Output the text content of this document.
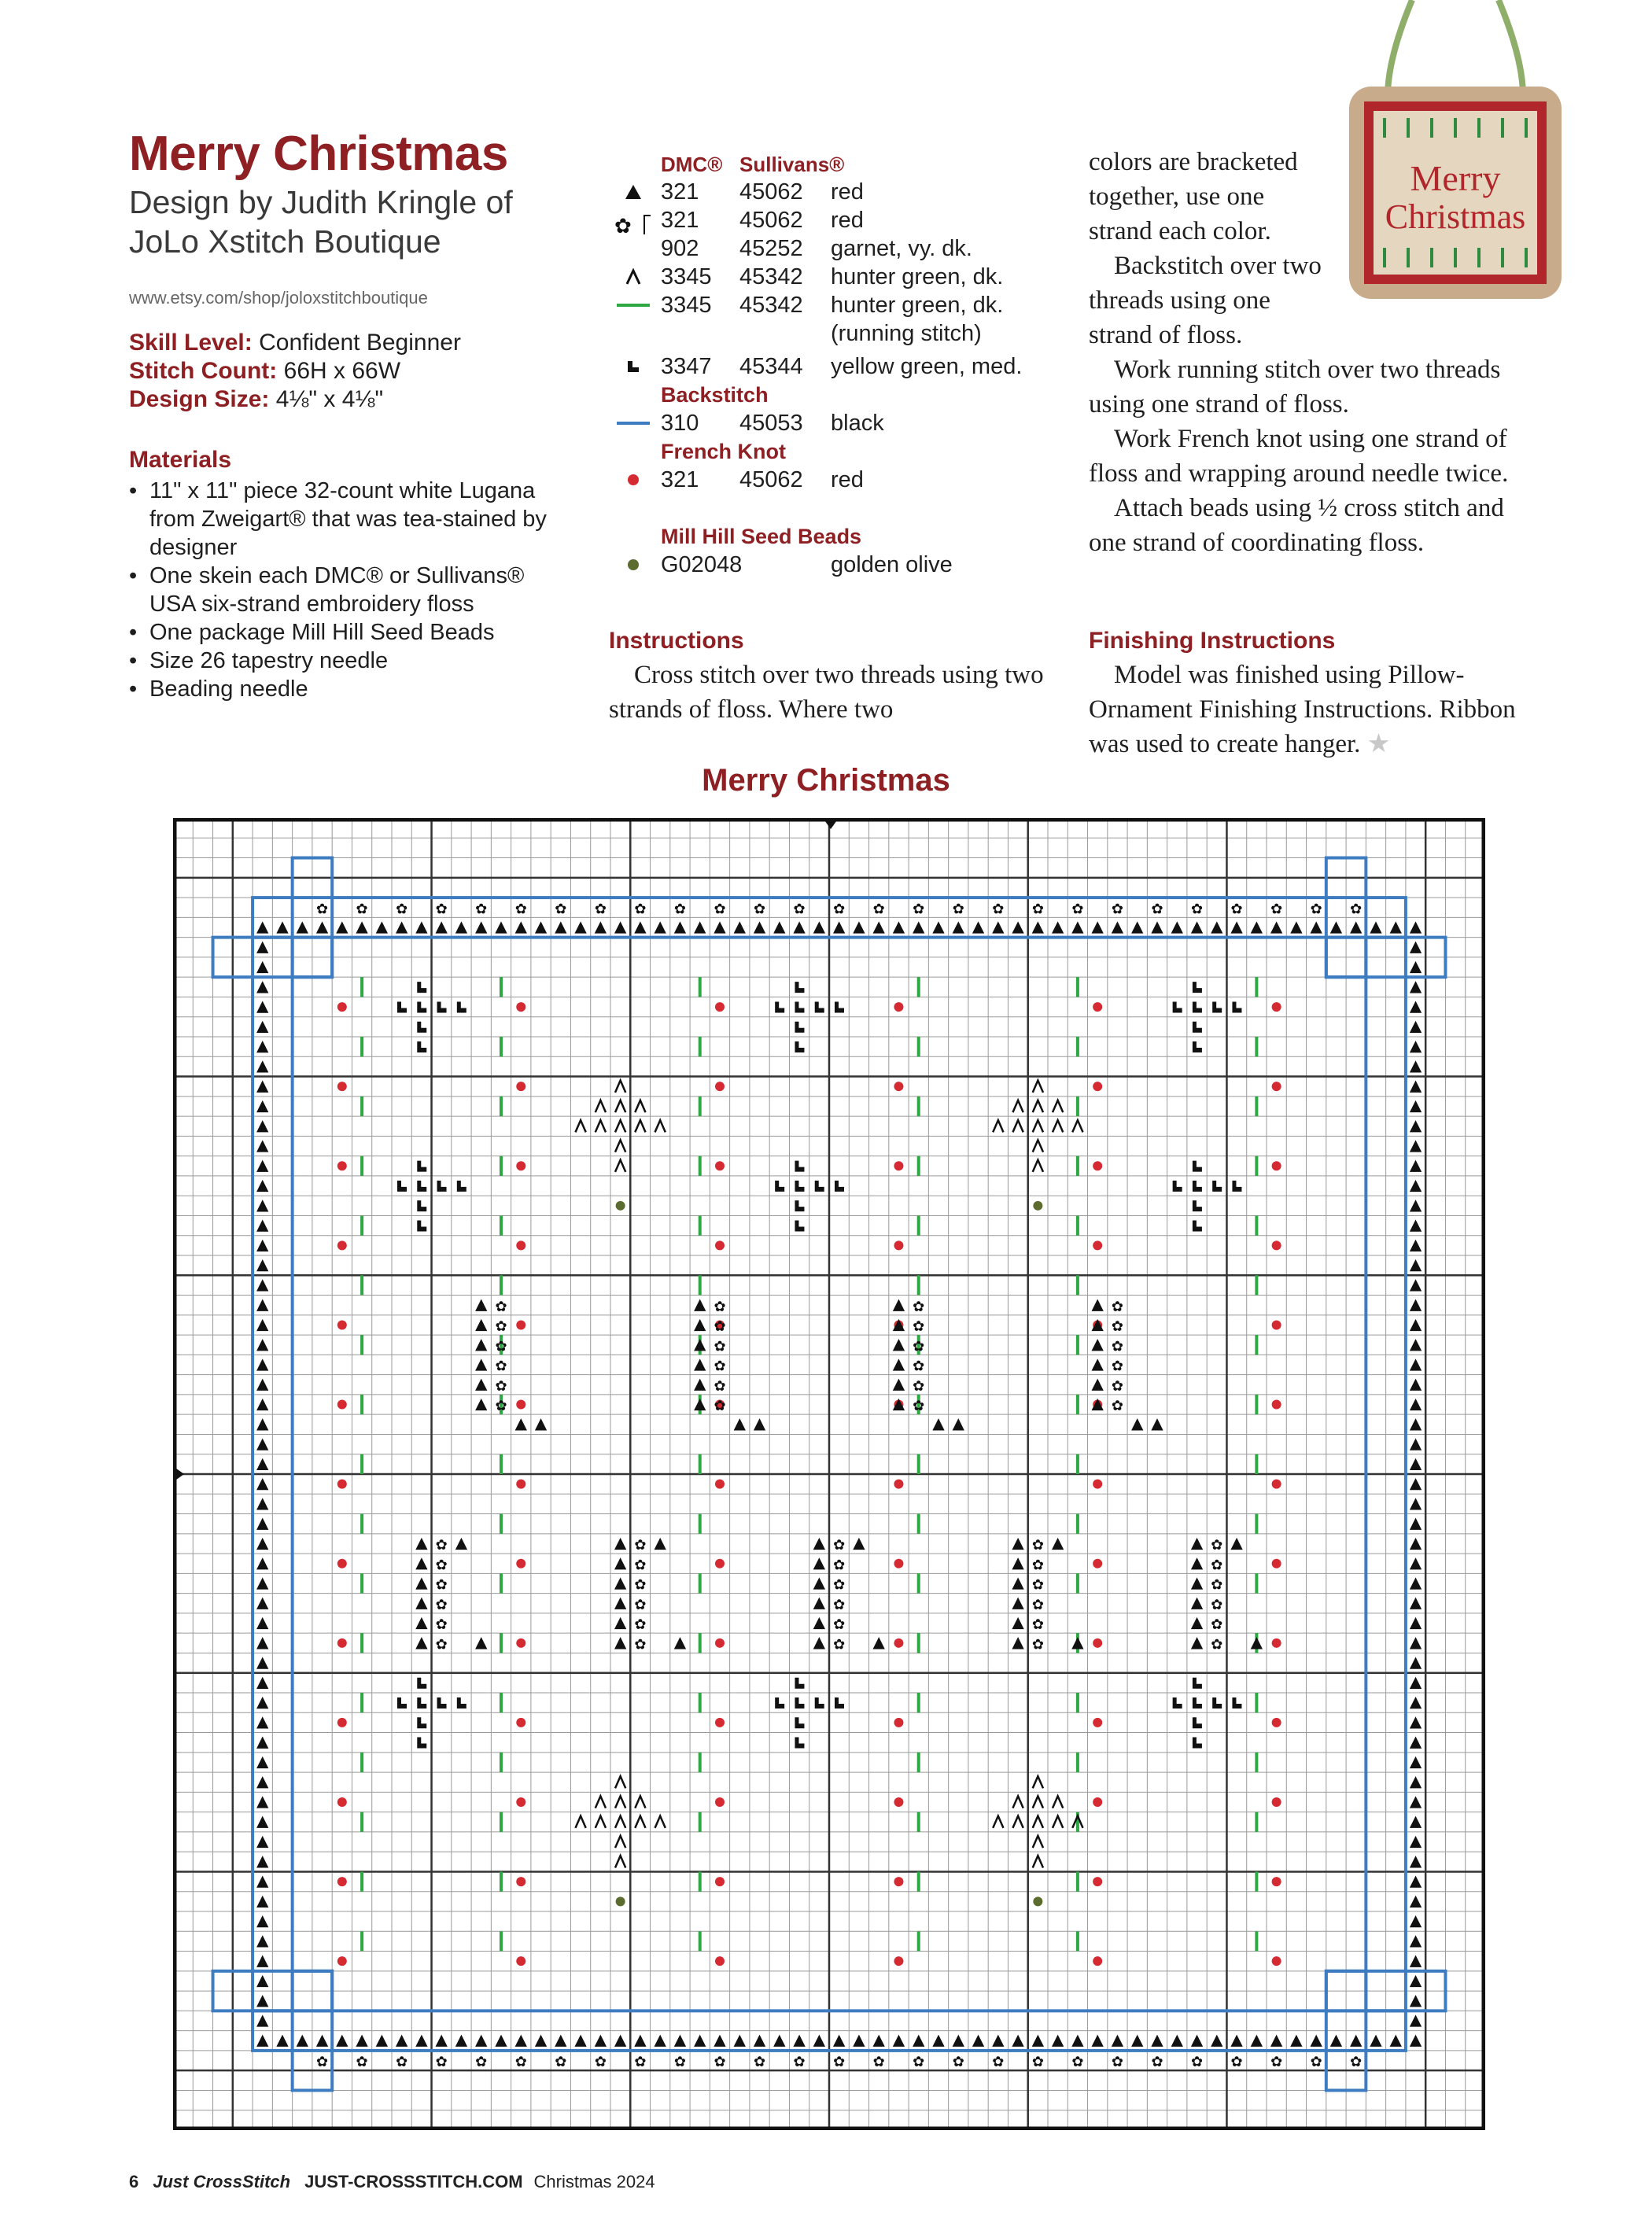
Merry Christmas
Design by Judith Kringle of
JoLo Xstitch Boutique
www.etsy.com/shop/joloxstitchboutique
Skill Level: Confident Beginner
Stitch Count: 66H x 66W
Design Size: 4⅛" x 4⅛"
Materials
• 11" x 11" piece 32-count white Lugana from Zweigart® that was tea-stained by designer
• One skein each DMC® or Sullivans® USA six-strand embroidery floss
• One package Mill Hill Seed Beads
• Size 26 tapestry needle
• Beading needle
DMC® Sullivans®
321	45062	red
✿ 321	45062	red
902	45252	garnet, vy. dk.
3345	45342	hunter green, dk.
3345	45342	hunter green, dk.
(running stitch)
3347	45344	yellow green, med.
Backstitch
310	45053	black
French Knot
321	45062	red
Mill Hill Seed Beads
G02048	golden olive
Instructions
Cross stitch over two threads using two strands of floss. Where two
Merry
Christmas

colors are bracketed together, use one strand each color.

Backstitch over two threads using one strand of floss.

Work running stitch over two threads using one strand of floss.

Work French knot using one strand of floss and wrapping around needle twice.

Attach beads using ½ cross stitch and one strand of coordinating floss.

Finishing Instructions
Model was finished using Pillow-Ornament Finishing Instructions. Ribbon was used to create hanger. ★
Merry Christmas
✿
✿
✿
✿
✿
✿
✿
✿
✿
✿
✿
✿
✿
✿
✿
✿
✿
✿
✿
✿
✿
✿
✿
✿
✿
✿
✿
✿
✿
✿
✿
✿
✿
✿
✿
✿
✿
✿
✿
✿
✿
✿
✿
✿
✿
✿
✿
✿
✿
✿
✿
✿
✿
✿
✿
✿
✿
✿
✿
✿
✿
✿
✿
✿
✿
✿
✿
✿
✿
✿
✿
✿
✿
✿
✿
✿
✿
✿
✿
✿
✿
✿
✿
✿
✿
✿
✿
✿
✿
✿
✿
✿
✿
✿
✿
✿
✿
✿
✿
✿
✿
✿
✿
✿
✿
✿
✿
✿
6 Just CrossStitch JUST-CROSSSTITCH.COM Christmas 2024
